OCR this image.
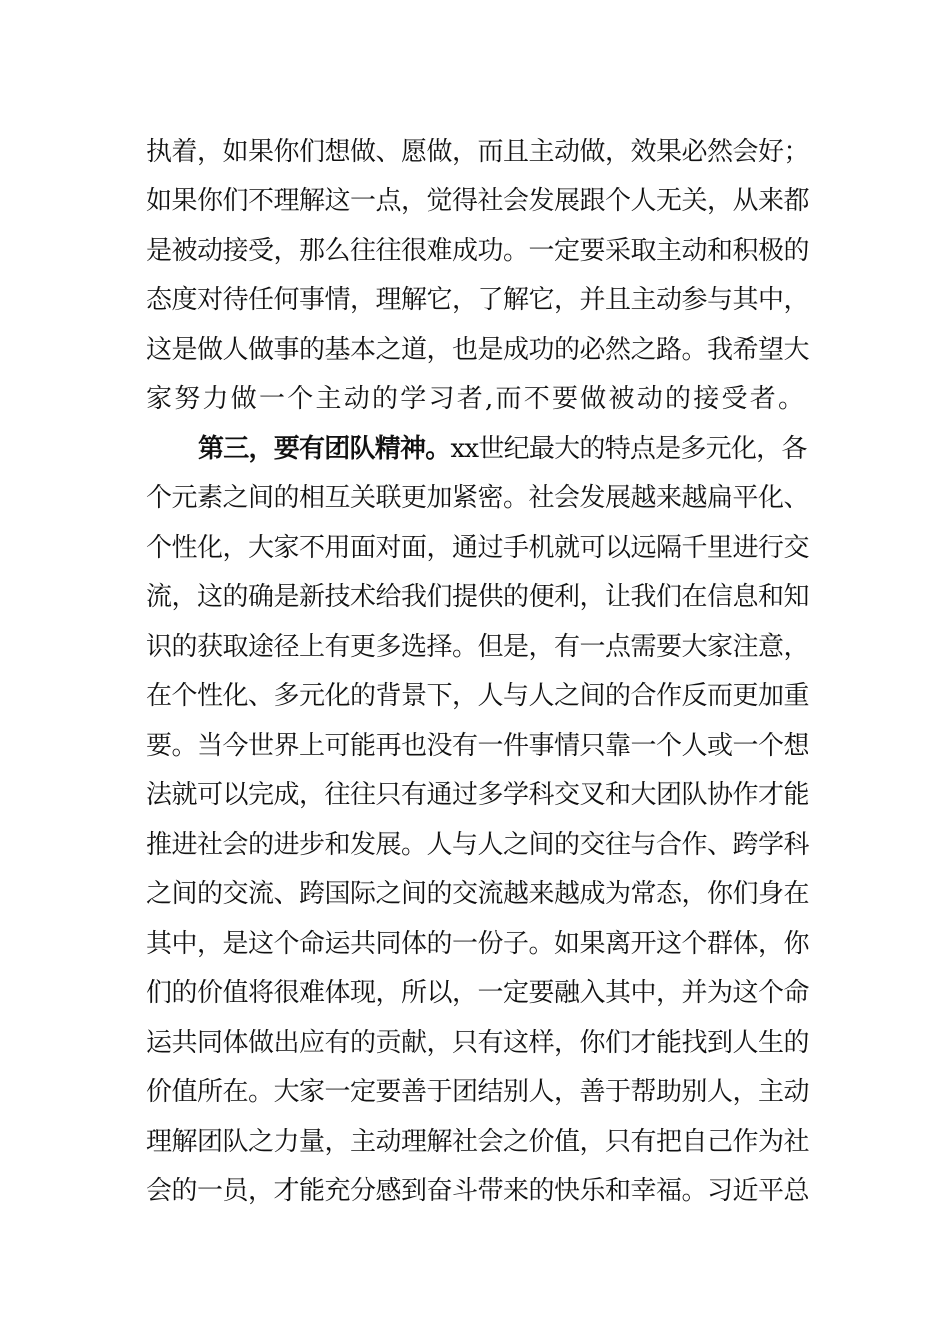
执着，如果你们想做、愿做，而且主动做，效果必然会好；
如果你们不理解这一点，觉得社会发展跟个人无关，从来都
是被动接受，那么往往很难成功。一定要采取主动和积极的
态度对待任何事情，理解它，了解它，并且主动参与其中，
这是做人做事的基本之道，也是成功的必然之路。我希望大
家努力做一个主动的学习者,而不要做被动的接受者。
第三，要有团队精神。xx世纪最大的特点是多元化，各
个元素之间的相互关联更加紧密。社会发展越来越扁平化、
个性化，大家不用面对面，通过手机就可以远隔千里进行交
流，这的确是新技术给我们提供的便利，让我们在信息和知
识的获取途径上有更多选择。但是，有一点需要大家注意，
在个性化、多元化的背景下，人与人之间的合作反而更加重
要。当今世界上可能再也没有一件事情只靠一个人或一个想
法就可以完成，往往只有通过多学科交叉和大团队协作才能
推进社会的进步和发展。人与人之间的交往与合作、跨学科
之间的交流、跨国际之间的交流越来越成为常态，你们身在
其中，是这个命运共同体的一份子。如果离开这个群体，你
们的价值将很难体现，所以，一定要融入其中，并为这个命
运共同体做出应有的贡献，只有这样，你们才能找到人生的
价值所在。大家一定要善于团结别人，善于帮助别人，主动
理解团队之力量，主动理解社会之价值，只有把自己作为社
会的一员，才能充分感到奋斗带来的快乐和幸福。习近平总
